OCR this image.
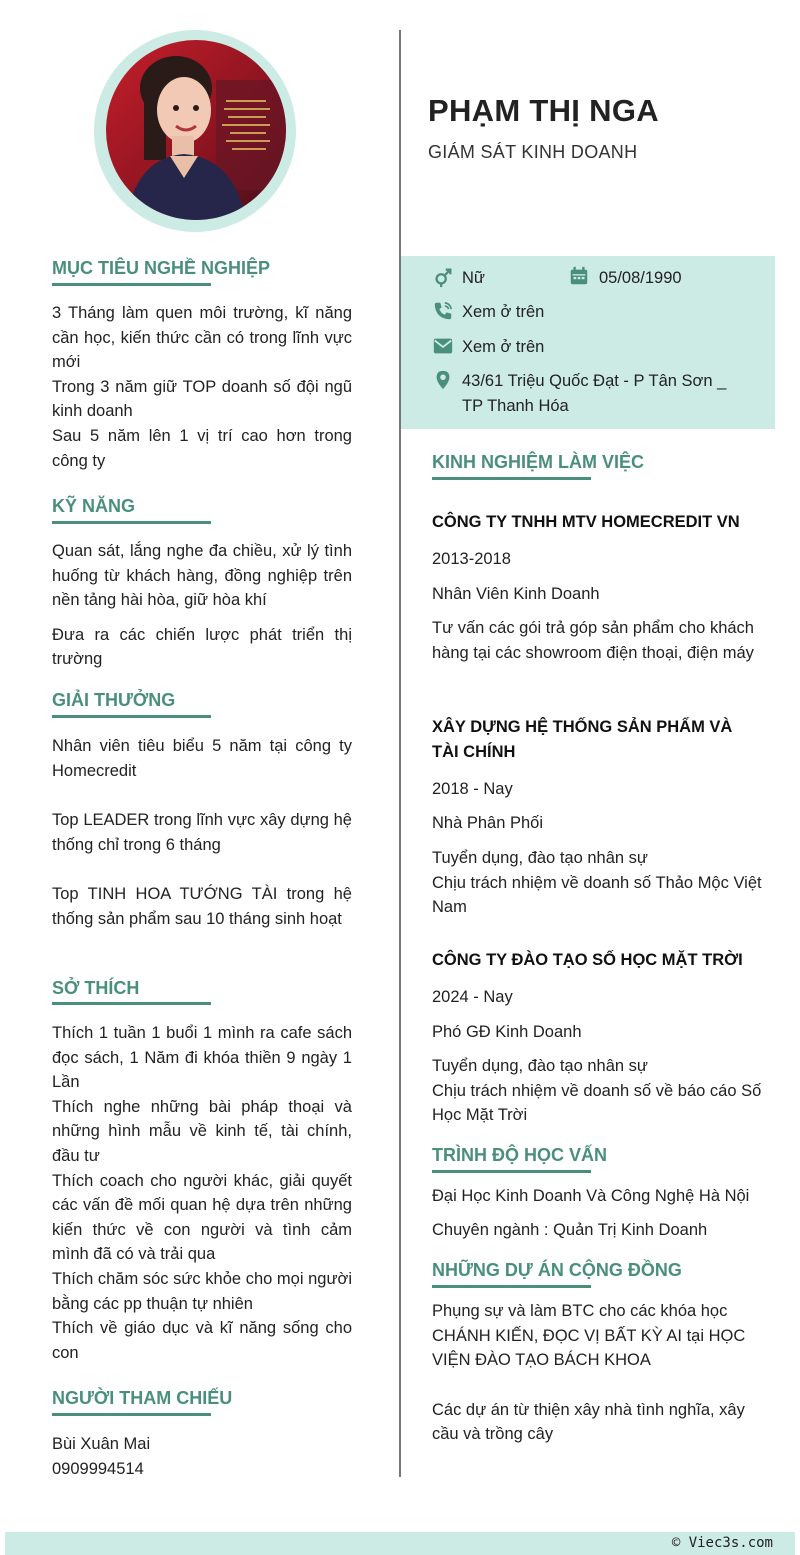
PHẠM THỊ NGA
GIÁM SÁT KINH DOANH
Nữ	05/08/1990
Xem ở trên
Xem ở trên
43/61 Triệu Quốc Đạt - P Tân Sơn _
TP Thanh Hóa
MỤC TIÊU NGHỀ NGHIỆP

3 Tháng làm quen môi trường, kĩ năng cần học, kiến thức cần có trong lĩnh vực mới

Trong 3 năm giữ TOP doanh số đội ngũ kinh doanh

Sau 5 năm lên 1 vị trí cao hơn trong công ty

KỸ NĂNG

Quan sát, lắng nghe đa chiều, xử lý tình huống từ khách hàng, đồng nghiệp trên nền tảng hài hòa, giữ hòa khí

Đưa ra các chiến lược phát triển thị trường

GIẢI THƯỞNG

Nhân viên tiêu biểu 5 năm tại công ty Homecredit

Top LEADER trong lĩnh vực xây dựng hệ thống chỉ trong 6 tháng

Top TINH HOA TƯỚNG TÀI trong hệ thống sản phẩm sau 10 tháng sinh hoạt

SỞ THÍCH

Thích 1 tuần 1 buổi 1 mình ra cafe sách đọc sách, 1 Năm đi khóa thiền 9 ngày 1 Lần

Thích nghe những bài pháp thoại và những hình mẫu về kinh tế, tài chính, đầu tư

Thích coach cho người khác, giải quyết các vấn đề mối quan hệ dựa trên những kiến thức về con người và tình cảm mình đã có và trải qua

Thích chăm sóc sức khỏe cho mọi người bằng các pp thuận tự nhiên

Thích về giáo dục và kĩ năng sống cho con

NGƯỜI THAM CHIẾU

Bùi Xuân Mai

0909994514

KINH NGHIỆM LÀM VIỆC
CÔNG TY TNHH MTV HOMECREDIT VN
2013-2018
Nhân Viên Kinh Doanh

Tư vấn các gói trả góp sản phẩm cho khách hàng tại các showroom điện thoại, điện máy

XÂY DỰNG HỆ THỐNG SẢN PHẨM VÀ TÀI CHÍNH
2018 - Nay
Nhà Phân Phối

Tuyển dụng, đào tạo nhân sự

Chịu trách nhiệm về doanh số Thảo Mộc Việt Nam

CÔNG TY ĐÀO TẠO SỐ HỌC MẶT TRỜI
2024 - Nay
Phó GĐ Kinh Doanh

Tuyển dụng, đào tạo nhân sự

Chịu trách nhiệm về doanh số về báo cáo Số Học Mặt Trời

TRÌNH ĐỘ HỌC VẤN
Đại Học Kinh Doanh Và Công Nghệ Hà Nội
Chuyên ngành : Quản Trị Kinh Doanh
NHỮNG DỰ ÁN CỘNG ĐỒNG

Phụng sự và làm BTC cho các khóa học CHÁNH KIẾN, ĐỌC VỊ BẤT KỲ AI tại HỌC VIỆN ĐÀO TẠO BÁCH KHOA

Các dự án từ thiện xây nhà tình nghĩa, xây cầu và trồng cây

© Viec3s.com
